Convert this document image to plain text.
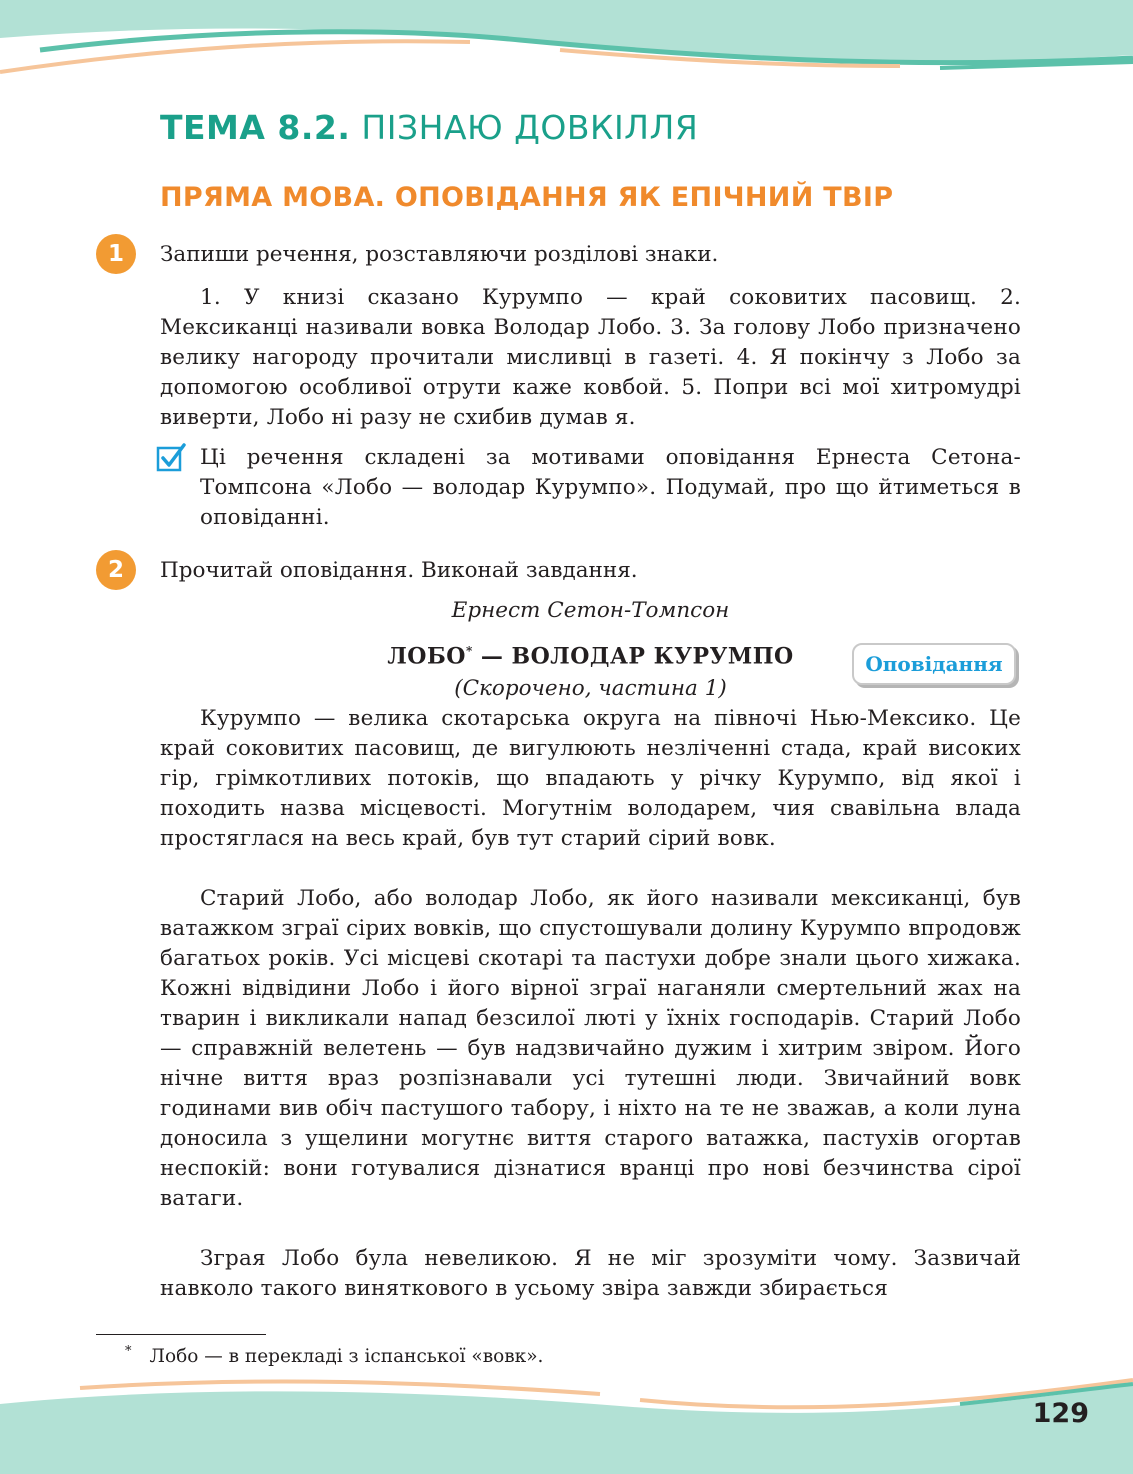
ТЕМА 8.2. ПІЗНАЮ ДОВКІЛЛЯ
ПРЯМА МОВА. ОПОВІДАННЯ ЯК ЕПІЧНИЙ ТВІР
1	Запиши речення, розставляючи розділові знаки.

1. У книзі сказано Курумпо — край соковитих пасовищ. 2. Мексиканці називали вовка Володар Лобо. 3. За голову Лобо призначено велику нагороду прочитали мисливці в газеті. 4. Я покінчу з Лобо за допомогою особливої отрути каже ковбой. 5. Попри всі мої хитромудрі виверти, Лобо ні разу не схибив думав я.

Ці речення складені за мотивами оповідання Ернеста Сетона-Томпсона «Лобо — володар Курумпо». Подумай, про що йтиметься в оповіданні.

2	Прочитай оповідання. Виконай завдання.
Ернест Сетон-Томпсон
ЛОБО* — ВОЛОДАР КУРУМПО	Оповідання
(Скорочено, частина 1)

Курумпо — велика скотарська округа на півночі Нью-Мексико. Це край соковитих пасовищ, де вигулюють незліченні стада, край високих гір, грімкотливих потоків, що впадають у річку Курумпо, від якої і походить назва місцевості. Могутнім володарем, чия свавільна влада простяглася на весь край, був тут старий сірий вовк.

Старий Лобо, або володар Лобо, як його називали мексиканці, був ватажком зграї сірих вовків, що спустошували долину Курумпо впродовж багатьох років. Усі місцеві скотарі та пастухи добре знали цього хижака. Кожні відвідини Лобо і його вірної зграї наганяли смертельний жах на тварин і викликали напад безсилої люті у їхніх господарів. Старий Лобо — справжній велетень — був надзвичайно дужим і хитрим звіром. Його нічне виття враз розпізнавали усі тутешні люди. Звичайний вовк годинами вив обіч пастушого табору, і ніхто на те не зважав, а коли луна доносила з ущелини могутнє виття старого ватажка, пастухів огортав неспокій: вони готувалися дізнатися вранці про нові безчинства сірої ватаги.

Зграя Лобо була невеликою. Я не міг зрозуміти чому. Зазвичай навколо такого виняткового в усьому звіра завжди збирається

* Лобо — в перекладі з іспанської «вовк».
129
